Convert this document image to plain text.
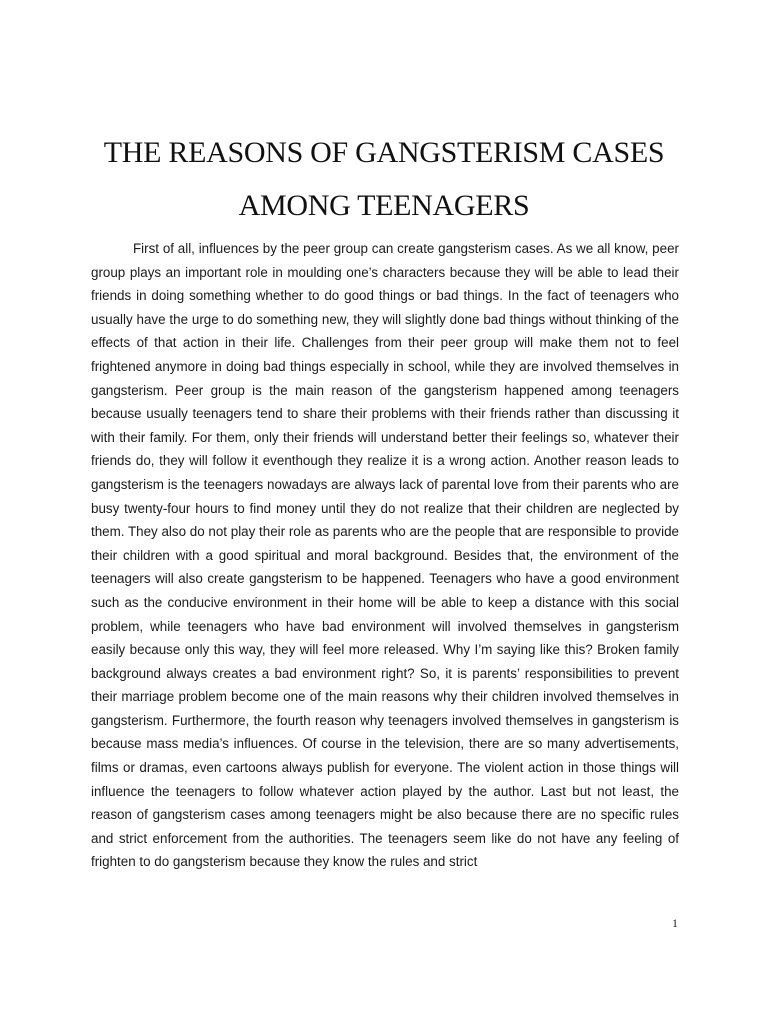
THE REASONS OF GANGSTERISM CASES
AMONG TEENAGERS

First of all, influences by the peer group can create gangsterism cases. As we all know, peer group plays an important role in moulding one’s characters because they will be able to lead their friends in doing something whether to do good things or bad things. In the fact of teenagers who usually have the urge to do something new, they will slightly done bad things without thinking of the effects of that action in their life. Challenges from their peer group will make them not to feel frightened anymore in doing bad things especially in school, while they are involved themselves in gangsterism. Peer group is the main reason of the gangsterism happened among teenagers because usually teenagers tend to share their problems with their friends rather than discussing it with their family. For them, only their friends will understand better their feelings so, whatever their friends do, they will follow it eventhough they realize it is a wrong action. Another reason leads to gangsterism is the teenagers nowadays are always lack of parental love from their parents who are busy twenty-four hours to find money until they do not realize that their children are neglected by them. They also do not play their role as parents who are the people that are responsible to provide their children with a good spiritual and moral background. Besides that, the environment of the teenagers will also create gangsterism to be happened. Teenagers who have a good environment such as the conducive environment in their home will be able to keep a distance with this social problem, while teenagers who have bad environment will involved themselves in gangsterism easily because only this way, they will feel more released. Why I’m saying like this? Broken family background always creates a bad environment right? So, it is parents’ responsibilities to prevent their marriage problem become one of the main reasons why their children involved themselves in gangsterism. Furthermore, the fourth reason why teenagers involved themselves in gangsterism is because mass media’s influences. Of course in the television, there are so many advertisements, films or dramas, even cartoons always publish for everyone. The violent action in those things will influence the teenagers to follow whatever action played by the author. Last but not least, the reason of gangsterism cases among teenagers might be also because there are no specific rules and strict enforcement from the authorities. The teenagers seem like do not have any feeling of frighten to do gangsterism because they know the rules and strict

1
